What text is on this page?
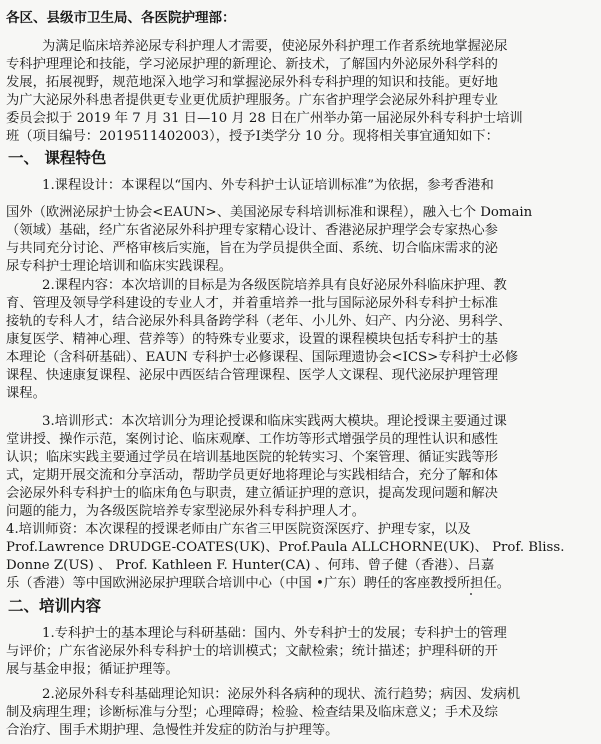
各区、县级市卫生局、各医院护理部：
为满足临床培养泌尿专科护理人才需要，使泌尿外科护理工作者系统地掌握泌尿
专科护理理论和技能，学习泌尿护理的新理论、新技术，了解国内外泌尿外科学科的
发展，拓展视野，规范地深入地学习和掌握泌尿外科专科护理的知识和技能。更好地
为广大泌尿外科患者提供更专业更优质护理服务。广东省护理学会泌尿外科护理专业
委员会拟于 2019 年 7 月 31 日—10 月 28 日在广州举办第一届泌尿外科专科护士培训
班（项目编号：2019511402003），授予Ⅰ类学分 10 分。现将相关事宜通知如下：
一、 课程特色
1.课程设计：本课程以“国内、外专科护士认证培训标准”为依据，参考香港和
国外（欧洲泌尿护士协会<EAUN>、美国泌尿专科培训标准和课程），融入七个 Domain
（领域）基础，经广东省泌尿外科护理专家精心设计、香港泌尿护理学会专家热心参
与共同充分讨论、严格审核后实施，旨在为学员提供全面、系统、切合临床需求的泌
尿专科护士理论培训和临床实践课程。
2.课程内容：本次培训的目标是为各级医院培养具有良好泌尿外科临床护理、教
育、管理及领导学科建设的专业人才，并着重培养一批与国际泌尿外科专科护士标准
接轨的专科人才，结合泌尿外科具备跨学科（老年、小儿外、妇产、内分泌、男科学、
康复医学、精神心理、营养等）的特殊专业要求，设置的课程模块包括专科护士的基
本理论（含科研基础）、EAUN 专科护士必修课程、国际理遗协会<ICS>专科护士必修
课程、快速康复课程、泌尿中西医结合管理课程、医学人文课程、现代泌尿护理管理
课程。
3.培训形式：本次培训分为理论授课和临床实践两大模块。理论授课主要通过课
堂讲授、操作示范，案例讨论、临床观摩、工作坊等形式增强学员的理性认识和感性
认识；临床实践主要通过学员在培训基地医院的轮转实习、个案管理、循证实践等形
式，定期开展交流和分享活动，帮助学员更好地将理论与实践相结合，充分了解和体
会泌尿外科专科护士的临床角色与职责，建立循证护理的意识，提高发现问题和解决
问题的能力，为各级医院培养专家型泌尿外科专科护理人才。
4.培训师资：本次课程的授课老师由广东省三甲医院资深医疗、护理专家，以及
Prof.Lawrence DRUDGE-COATES(UK)、Prof.Paula ALLCHORNE(UK)、 Prof. Bliss.
Donne Z(US) 、 Prof. Kathleen F. Hunter(CA) 、何玮、曾子健（香港）、吕嘉
乐（香港）等中国欧洲泌尿护理联合培训中心（中国 •广东）聘任的客座教授所担任。
二、培训内容
1.专科护士的基本理论与科研基础：国内、外专科护士的发展；专科护士的管理
与评价；广东省泌尿外科专科护士的培训模式；文献检索；统计描述；护理科研的开
展与基金申报；循证护理等。
2.泌尿外科专科基础理论知识：泌尿外科各病种的现状、流行趋势；病因、发病机
制及病理生理；诊断标准与分型；心理障碍；检验、检查结果及临床意义；手术及综
合治疗、围手术期护理、急慢性并发症的防治与护理等。
